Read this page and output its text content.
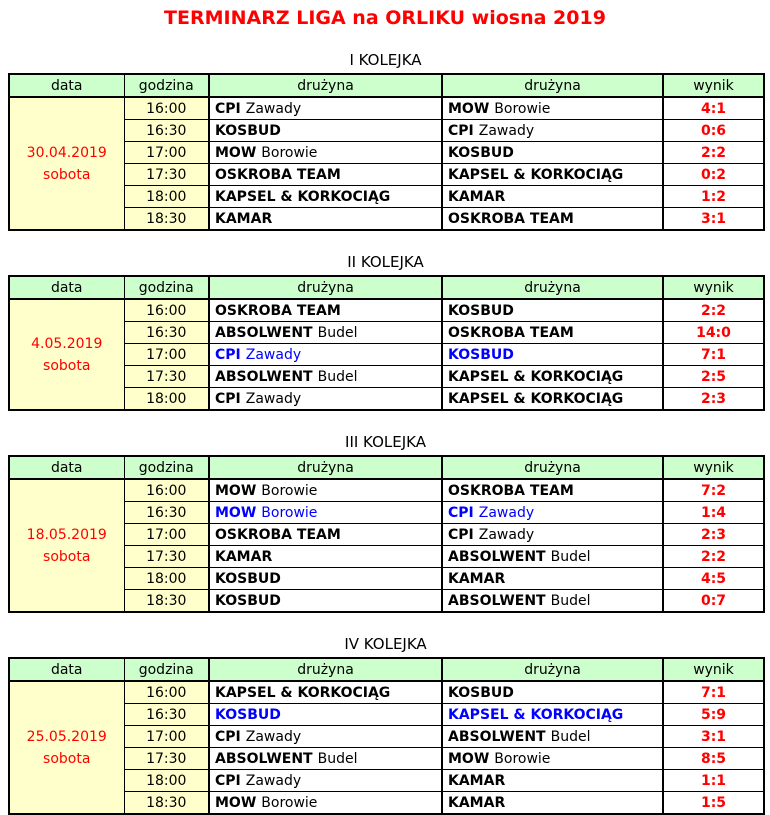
TERMINARZ LIGA na ORLIKU wiosna 2019
I KOLEJKA
data	godzina	drużyna	drużyna	wynik

30.04.2019
sobota	16:00	CPI Zawady	MOW Borowie	4:1
	16:30	KOSBUD	CPI Zawady	0:6
	17:00	MOW Borowie	KOSBUD	2:2
	17:30	OSKROBA TEAM	KAPSEL & KORKOCIĄG	0:2
	18:00	KAPSEL & KORKOCIĄG	KAMAR	1:2
	18:30	KAMAR	OSKROBA TEAM	3:1
II KOLEJKA
data	godzina	drużyna	drużyna	wynik

4.05.2019
sobota	16:00	OSKROBA TEAM	KOSBUD	2:2
	16:30	ABSOLWENT Budel	OSKROBA TEAM	14:0
	17:00	CPI Zawady	KOSBUD	7:1
	17:30	ABSOLWENT Budel	KAPSEL & KORKOCIĄG	2:5
	18:00	CPI Zawady	KAPSEL & KORKOCIĄG	2:3
III KOLEJKA
data	godzina	drużyna	drużyna	wynik

18.05.2019
sobota	16:00	MOW Borowie	OSKROBA TEAM	7:2
	16:30	MOW Borowie	CPI Zawady	1:4
	17:00	OSKROBA TEAM	CPI Zawady	2:3
	17:30	KAMAR	ABSOLWENT Budel	2:2
	18:00	KOSBUD	KAMAR	4:5
	18:30	KOSBUD	ABSOLWENT Budel	0:7
IV KOLEJKA
data	godzina	drużyna	drużyna	wynik

25.05.2019
sobota	16:00	KAPSEL & KORKOCIĄG	KOSBUD	7:1
	16:30	KOSBUD	KAPSEL & KORKOCIĄG	5:9
	17:00	CPI Zawady	ABSOLWENT Budel	3:1
	17:30	ABSOLWENT Budel	MOW Borowie	8:5
	18:00	CPI Zawady	KAMAR	1:1
	18:30	MOW Borowie	KAMAR	1:5
